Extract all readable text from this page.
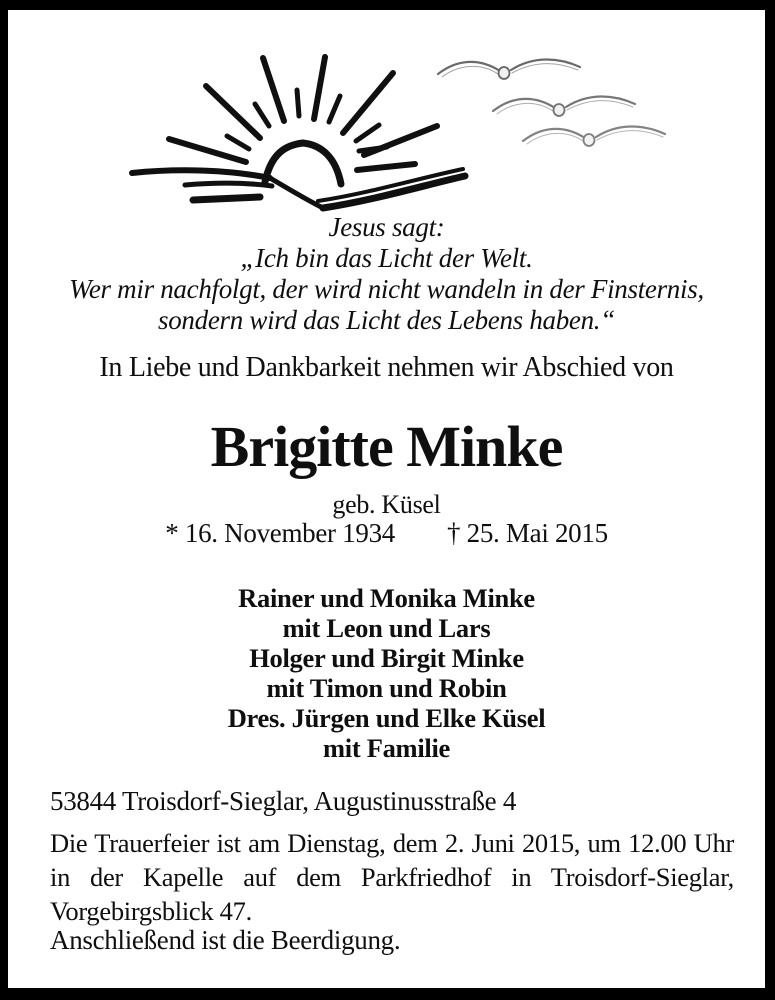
Jesus sagt:
„Ich bin das Licht der Welt.
Wer mir nachfolgt, der wird nicht wandeln in der Finsternis,
sondern wird das Licht des Lebens haben.“
In Liebe und Dankbarkeit nehmen wir Abschied von
Brigitte Minke
geb. Küsel
* 16. November 1934 † 25. Mai 2015
Rainer und Monika Minke
mit Leon und Lars
Holger und Birgit Minke
mit Timon und Robin
Dres. Jürgen und Elke Küsel
mit Familie
53844 Troisdorf-Sieglar, Augustinusstraße 4

Die Trauerfeier ist am Dienstag, dem 2. Juni 2015, um 12.00 Uhr in der Kapelle auf dem Parkfriedhof in Troisdorf-Sieglar, Vorgebirgsblick 47.

Anschließend ist die Beerdigung.
